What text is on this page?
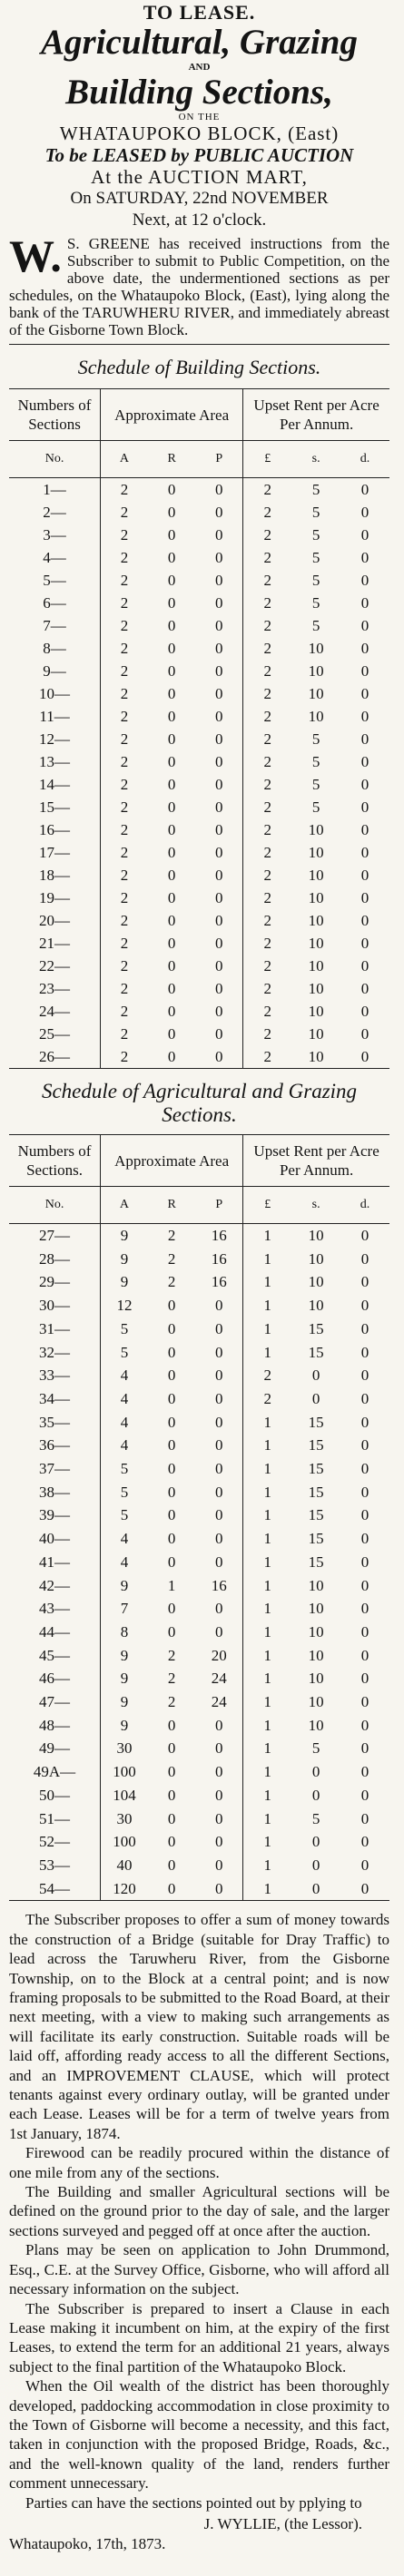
TO LEASE.
Agricultural, Grazing
AND
Building Sections,
ON THE
WHATAUPOKO BLOCK, (East)
To be LEASED by PUBLIC AUCTION
At the AUCTION MART,
On SATURDAY, 22nd NOVEMBER
Next, at 12 o'clock.
W. S. GREENE has received instructions from the Subscriber to submit to Public Competition, on the above date, the undermentioned sections as per schedules, on the Whataupoko Block, (East), lying along the bank of the TARUWHERU RIVER, and immediately abreast of the Gisborne Town Block.
Schedule of Building Sections.
Numbers of Sections	Approximate Area			Upset Rent per Acre Per Annum.		
No.	A	R	P	£	s.	d.
1—	2	0	0	2	5	0
2—	2	0	0	2	5	0
3—	2	0	0	2	5	0
4—	2	0	0	2	5	0
5—	2	0	0	2	5	0
6—	2	0	0	2	5	0
7—	2	0	0	2	5	0
8—	2	0	0	2	10	0
9—	2	0	0	2	10	0
10—	2	0	0	2	10	0
11—	2	0	0	2	10	0
12—	2	0	0	2	5	0
13—	2	0	0	2	5	0
14—	2	0	0	2	5	0
15—	2	0	0	2	5	0
16—	2	0	0	2	10	0
17—	2	0	0	2	10	0
18—	2	0	0	2	10	0
19—	2	0	0	2	10	0
20—	2	0	0	2	10	0
21—	2	0	0	2	10	0
22—	2	0	0	2	10	0
23—	2	0	0	2	10	0
24—	2	0	0	2	10	0
25—	2	0	0	2	10	0
26—	2	0	0	2	10	0
Schedule of Agricultural and Grazing Sections.
Numbers of Sections.	Approximate Area			Upset Rent per Acre Per Annum.		
No.	A	R	P	£	s.	d.
27—	9	2	16	1	10	0
28—	9	2	16	1	10	0
29—	9	2	16	1	10	0
30—	12	0	0	1	10	0
31—	5	0	0	1	15	0
32—	5	0	0	1	15	0
33—	4	0	0	2	0	0
34—	4	0	0	2	0	0
35—	4	0	0	1	15	0
36—	4	0	0	1	15	0
37—	5	0	0	1	15	0
38—	5	0	0	1	15	0
39—	5	0	0	1	15	0
40—	4	0	0	1	15	0
41—	4	0	0	1	15	0
42—	9	1	16	1	10	0
43—	7	0	0	1	10	0
44—	8	0	0	1	10	0
45—	9	2	20	1	10	0
46—	9	2	24	1	10	0
47—	9	2	24	1	10	0
48—	9	0	0	1	10	0
49—	30	0	0	1	5	0
49A—	100	0	0	1	0	0
50—	104	0	0	1	0	0
51—	30	0	0	1	5	0
52—	100	0	0	1	0	0
53—	40	0	0	1	0	0
54—	120	0	0	1	0	0

The Subscriber proposes to offer a sum of money towards the construction of a Bridge (suitable for Dray Traffic) to lead across the Taruwheru River, from the Gisborne Township, on to the Block at a central point; and is now framing proposals to be submitted to the Road Board, at their next meeting, with a view to making such arrangements as will facilitate its early construction. Suitable roads will be laid off, affording ready access to all the different Sections, and an IMPROVEMENT CLAUSE, which will protect tenants against every ordinary outlay, will be granted under each Lease. Leases will be for a term of twelve years from 1st January, 1874.

Firewood can be readily procured within the distance of one mile from any of the sections.

The Building and smaller Agricultural sections will be defined on the ground prior to the day of sale, and the larger sections surveyed and pegged off at once after the auction.

Plans may be seen on application to John Drummond, Esq., C.E. at the Survey Office, Gisborne, who will afford all necessary information on the subject.

The Subscriber is prepared to insert a Clause in each Lease making it incumbent on him, at the expiry of the first Leases, to extend the term for an additional 21 years, always subject to the final partition of the Whataupoko Block.

When the Oil wealth of the district has been thoroughly developed, paddocking accommodation in close proximity to the Town of Gisborne will become a necessity, and this fact, taken in conjunction with the proposed Bridge, Roads, &c., and the well-known quality of the land, renders further comment unnecessary.

Parties can have the sections pointed out by pplying to

J. WYLLIE, (the Lessor).
Whataupoko, 17th, 1873.
